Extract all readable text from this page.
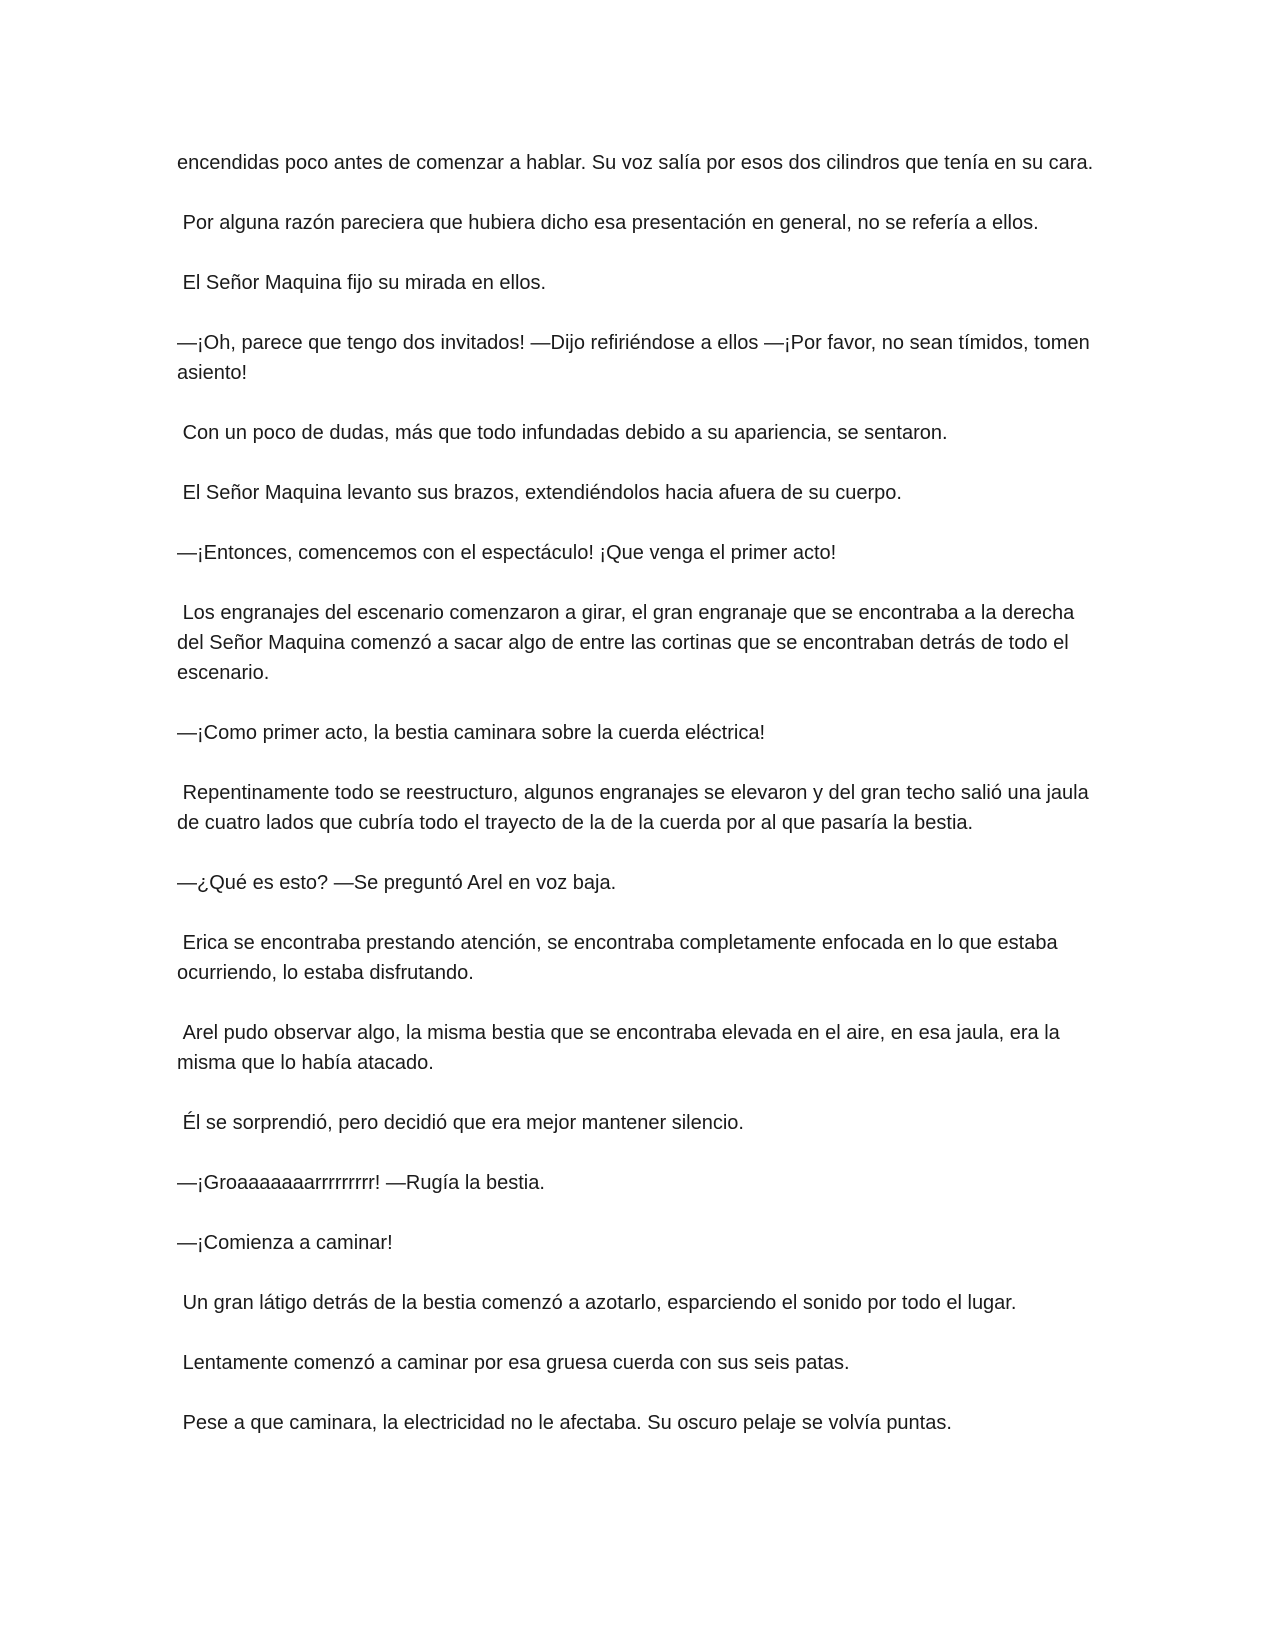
encendidas poco antes de comenzar a hablar. Su voz salía por esos dos cilindros que tenía en su cara.

Por alguna razón pareciera que hubiera dicho esa presentación en general, no se refería a ellos.

El Señor Maquina fijo su mirada en ellos.

—¡Oh, parece que tengo dos invitados! —Dijo refiriéndose a ellos —¡Por favor, no sean tímidos, tomen asiento!

Con un poco de dudas, más que todo infundadas debido a su apariencia, se sentaron.

El Señor Maquina levanto sus brazos, extendiéndolos hacia afuera de su cuerpo.

—¡Entonces, comencemos con el espectáculo! ¡Que venga el primer acto!

Los engranajes del escenario comenzaron a girar, el gran engranaje que se encontraba a la derecha del Señor Maquina comenzó a sacar algo de entre las cortinas que se encontraban detrás de todo el escenario.

—¡Como primer acto, la bestia caminara sobre la cuerda eléctrica!

Repentinamente todo se reestructuro, algunos engranajes se elevaron y del gran techo salió una jaula de cuatro lados que cubría todo el trayecto de la de la cuerda por al que pasaría la bestia.

—¿Qué es esto? —Se preguntó Arel en voz baja.

Erica se encontraba prestando atención, se encontraba completamente enfocada en lo que estaba ocurriendo, lo estaba disfrutando.

Arel pudo observar algo, la misma bestia que se encontraba elevada en el aire, en esa jaula, era la misma que lo había atacado.

Él se sorprendió, pero decidió que era mejor mantener silencio.

—¡Groaaaaaaarrrrrrrrr! —Rugía la bestia.

—¡Comienza a caminar!

Un gran látigo detrás de la bestia comenzó a azotarlo, esparciendo el sonido por todo el lugar.

Lentamente comenzó a caminar por esa gruesa cuerda con sus seis patas.

Pese a que caminara, la electricidad no le afectaba. Su oscuro pelaje se volvía puntas.
